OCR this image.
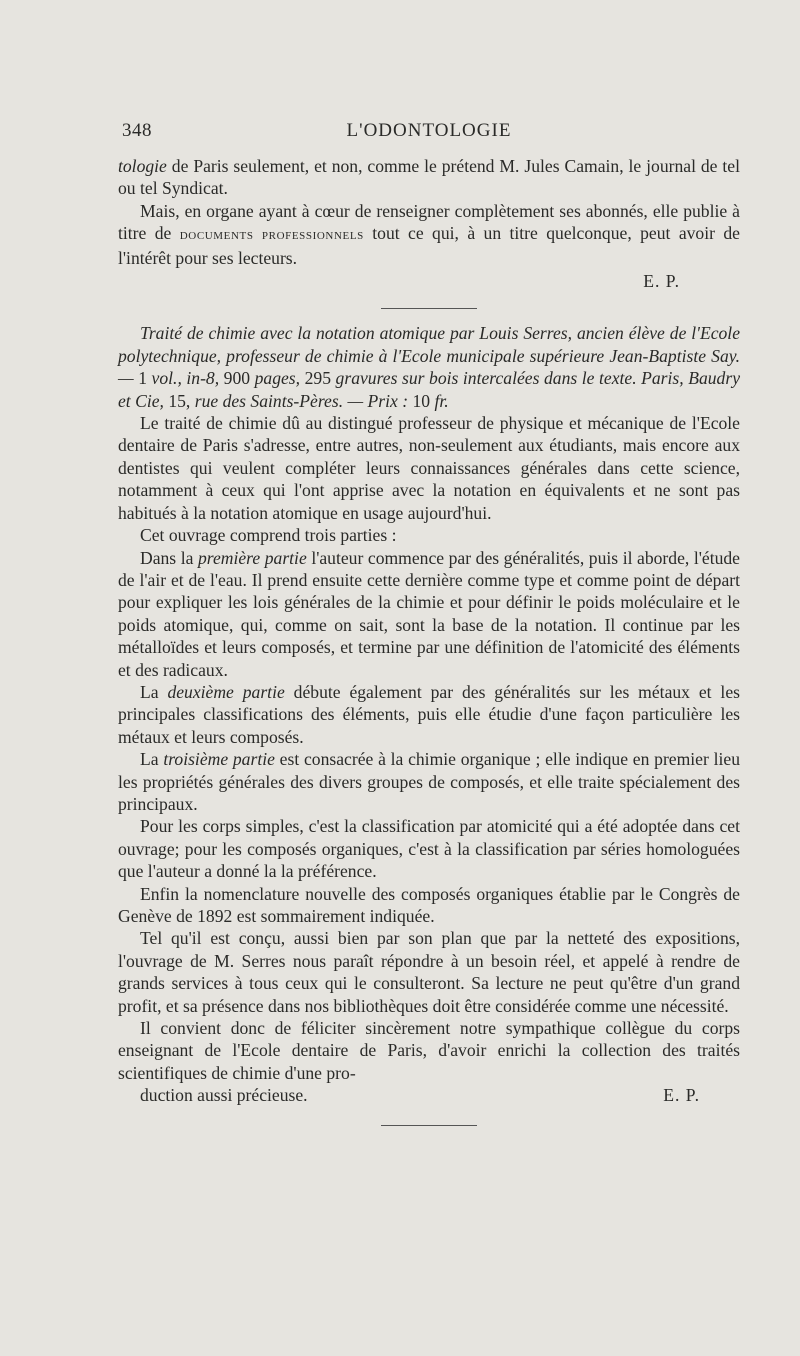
348	L'ODONTOLOGIE

tologie de Paris seulement, et non, comme le prétend M. Jules Camain, le journal de tel ou tel Syndicat.

Mais, en organe ayant à cœur de renseigner complètement ses abonnés, elle publie à titre de documents professionnels tout ce qui, à un titre quelconque, peut avoir de l'intérêt pour ses lecteurs.

E. P.

Traité de chimie avec la notation atomique par Louis Serres, ancien élève de l'Ecole polytechnique, professeur de chimie à l'Ecole municipale supérieure Jean-Baptiste Say. — 1 vol., in-8, 900 pages, 295 gravures sur bois intercalées dans le texte. Paris, Baudry et Cie, 15, rue des Saints-Pères. — Prix : 10 fr.

Le traité de chimie dû au distingué professeur de physique et mécanique de l'Ecole dentaire de Paris s'adresse, entre autres, non-seulement aux étudiants, mais encore aux dentistes qui veulent compléter leurs connaissances générales dans cette science, notamment à ceux qui l'ont apprise avec la notation en équivalents et ne sont pas habitués à la notation atomique en usage aujourd'hui.

Cet ouvrage comprend trois parties :

Dans la première partie l'auteur commence par des généralités, puis il aborde, l'étude de l'air et de l'eau. Il prend ensuite cette dernière comme type et comme point de départ pour expliquer les lois générales de la chimie et pour définir le poids moléculaire et le poids atomique, qui, comme on sait, sont la base de la notation. Il continue par les métalloïdes et leurs composés, et termine par une définition de l'atomicité des éléments et des radicaux.

La deuxième partie débute également par des généralités sur les métaux et les principales classifications des éléments, puis elle étudie d'une façon particulière les métaux et leurs composés.

La troisième partie est consacrée à la chimie organique ; elle indique en premier lieu les propriétés générales des divers groupes de composés, et elle traite spécialement des principaux.

Pour les corps simples, c'est la classification par atomicité qui a été adoptée dans cet ouvrage; pour les composés organiques, c'est à la classification par séries homologuées que l'auteur a donné la la préférence.

Enfin la nomenclature nouvelle des composés organiques établie par le Congrès de Genève de 1892 est sommairement indiquée.

Tel qu'il est conçu, aussi bien par son plan que par la netteté des expositions, l'ouvrage de M. Serres nous paraît répondre à un besoin réel, et appelé à rendre de grands services à tous ceux qui le consulteront. Sa lecture ne peut qu'être d'un grand profit, et sa présence dans nos bibliothèques doit être considérée comme une nécessité.

Il convient donc de féliciter sincèrement notre sympathique collègue du corps enseignant de l'Ecole dentaire de Paris, d'avoir enrichi la collection des traités scientifiques de chimie d'une pro-

duction aussi précieuse.	E. P.
